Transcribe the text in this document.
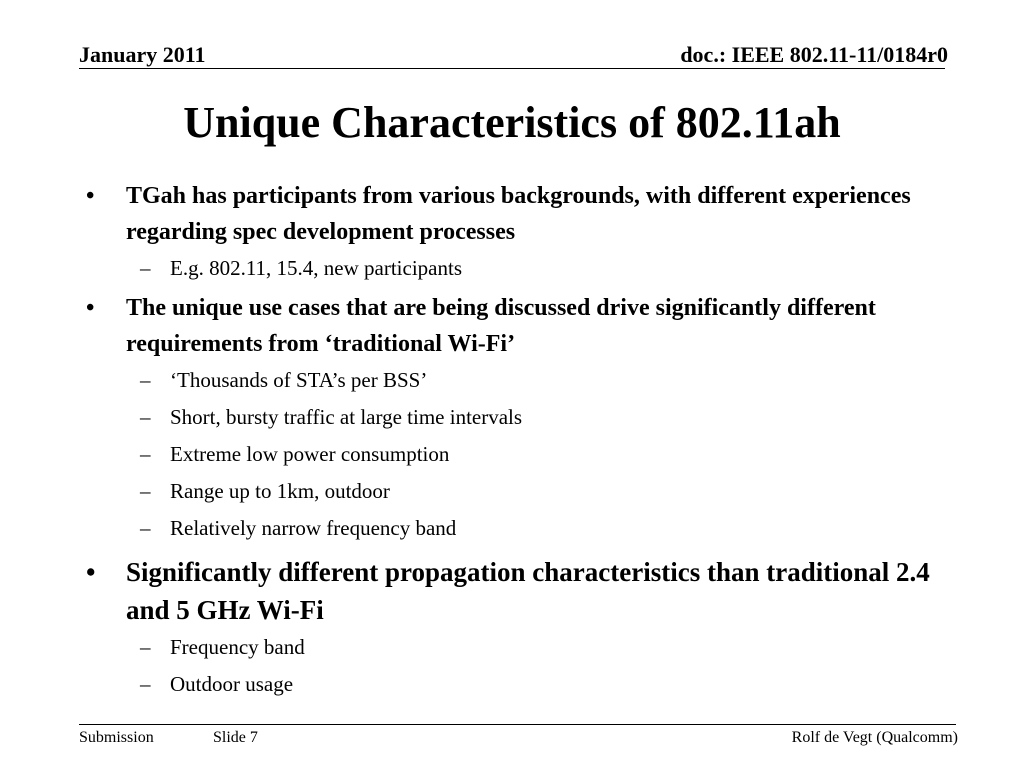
January 2011	doc.: IEEE 802.11-11/0184r0
Unique Characteristics of 802.11ah
• TGah has participants from various backgrounds, with different experiences regarding spec development processes
– E.g. 802.11, 15.4, new participants
• The unique use cases that are being discussed drive significantly different requirements from ‘traditional Wi-Fi’
– ‘Thousands of STA’s per BSS’
– Short, bursty traffic at large time intervals
– Extreme low power consumption
– Range up to 1km, outdoor
– Relatively narrow frequency band
• Significantly different propagation characteristics than traditional 2.4 and 5 GHz Wi-Fi
– Frequency band
– Outdoor usage
Submission	Slide 7	Rolf de Vegt (Qualcomm)
